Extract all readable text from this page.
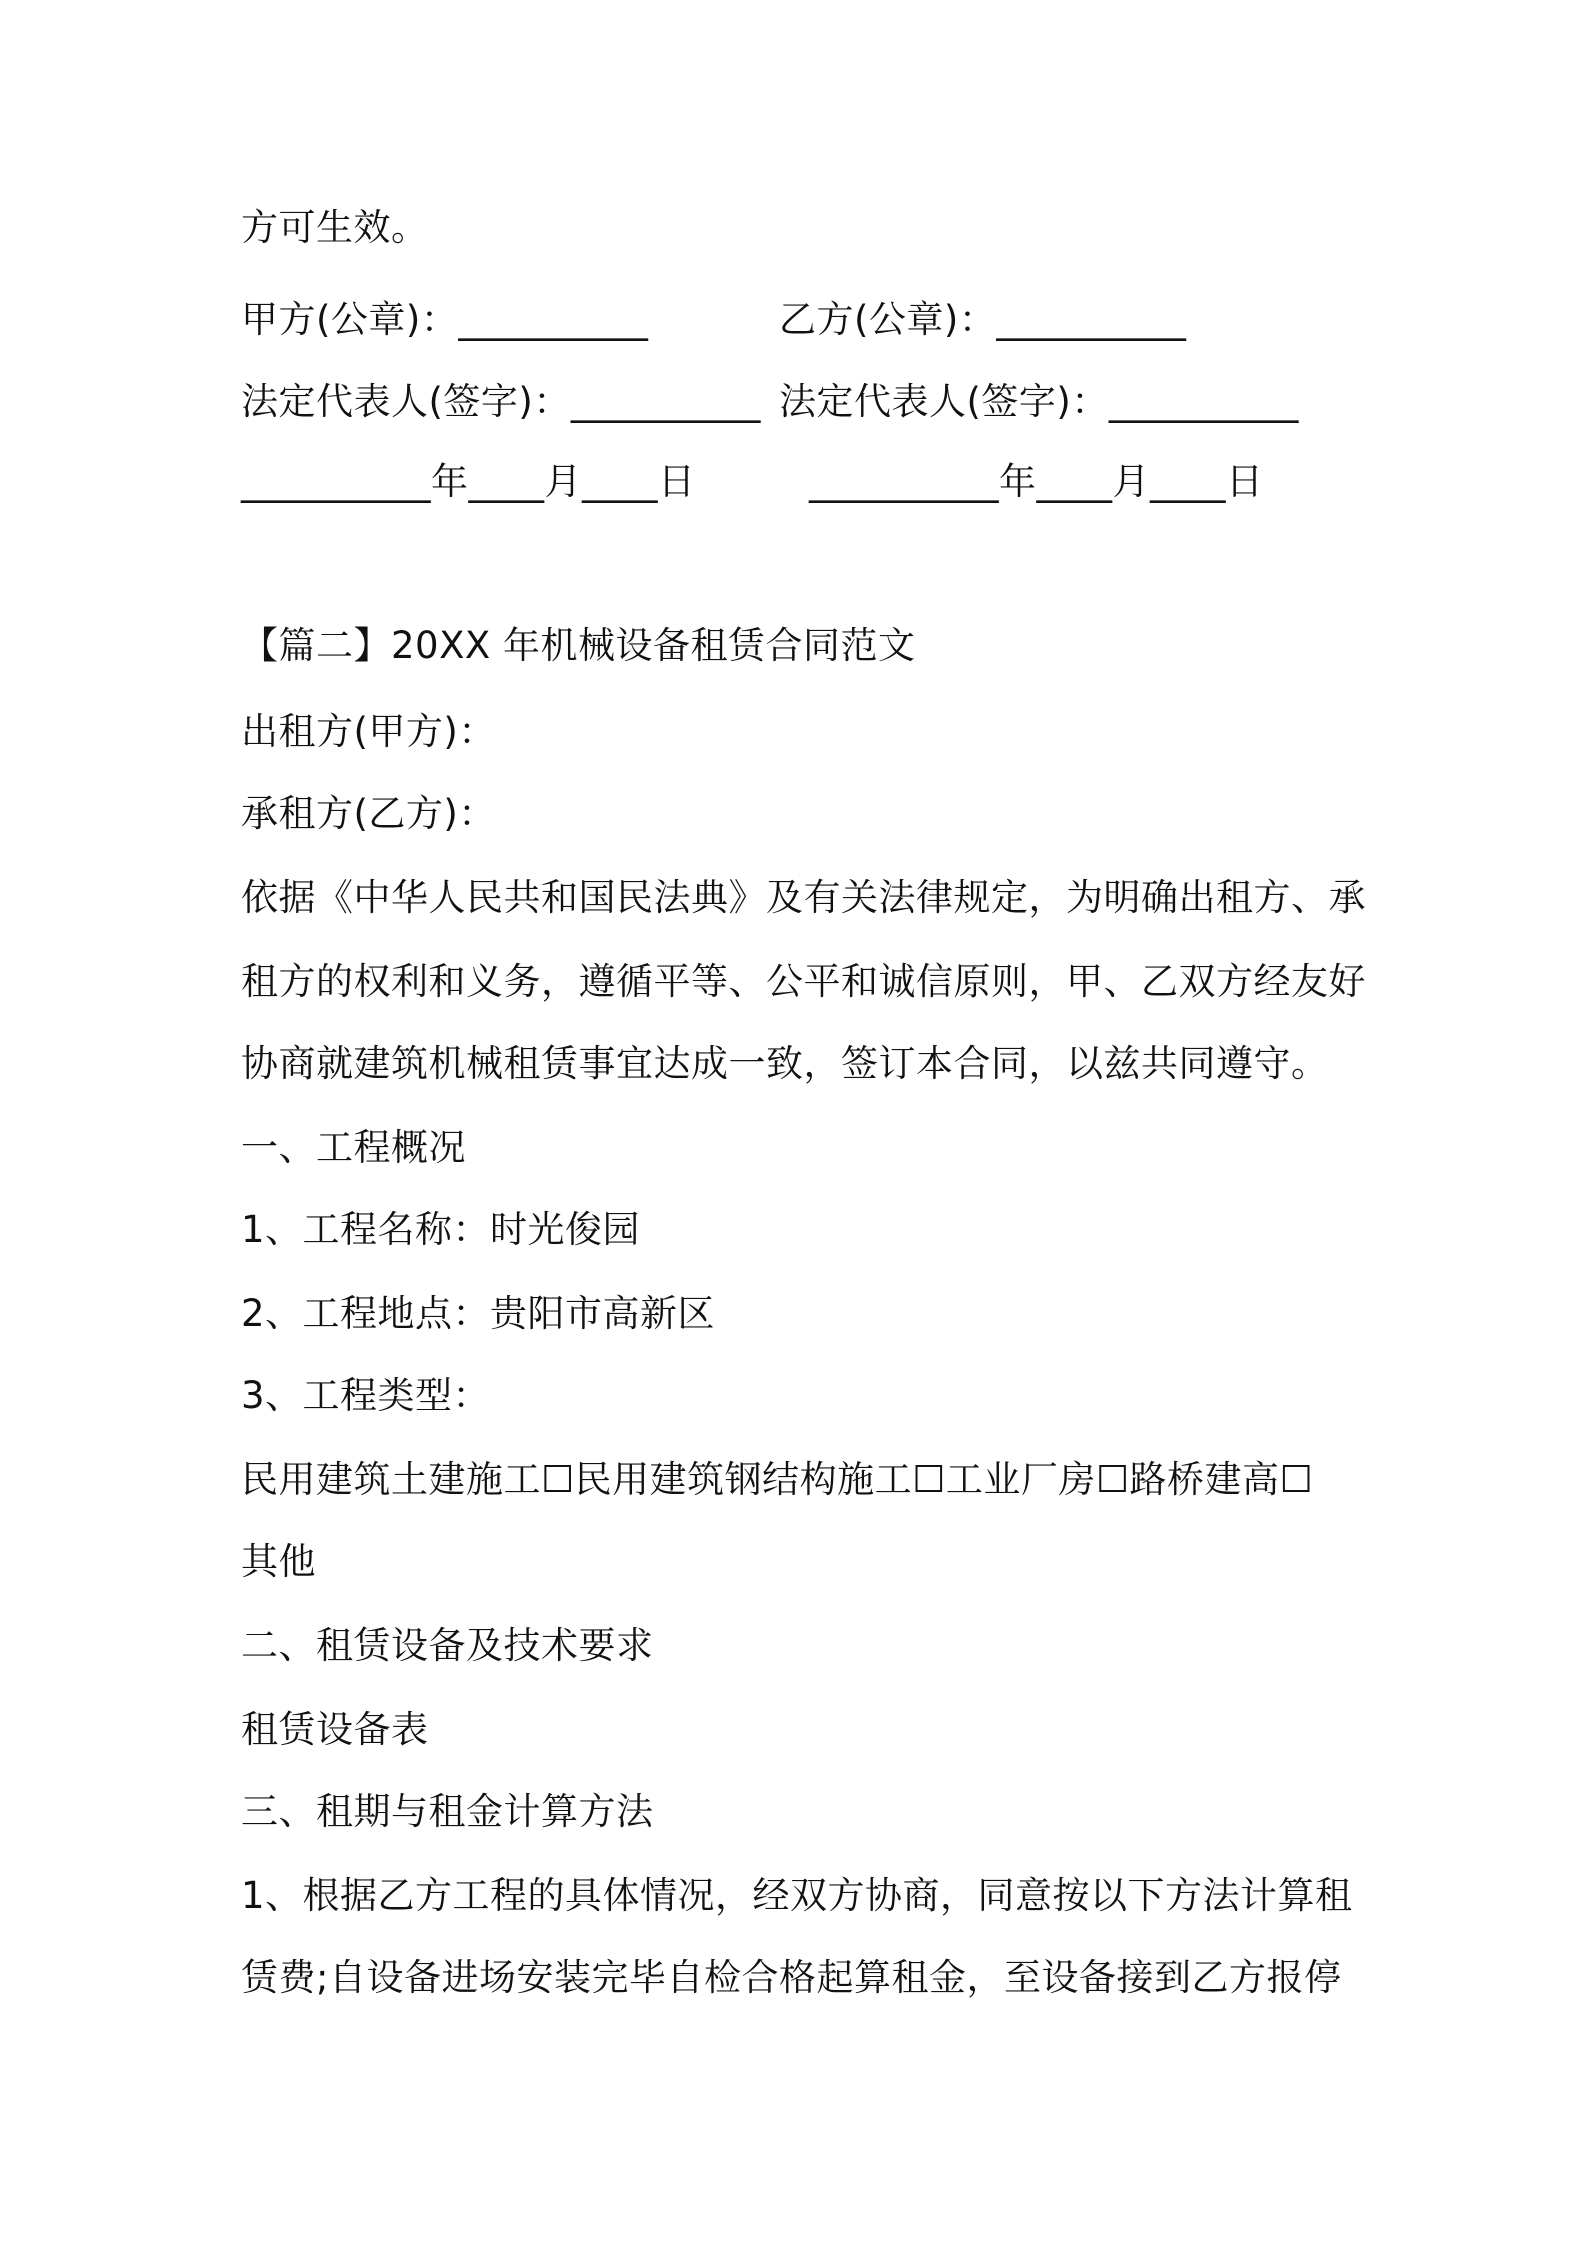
方可生效。
甲方(公章)：__________	乙方(公章)：__________
法定代表人(签字)：__________ 法定代表人(签字)：__________
__________年____月____日	__________年____月____日
【篇二】20XX 年机械设备租赁合同范文
出租方(甲方)：
承租方(乙方)：
依据《中华人民共和国民法典》及有关法律规定，为明确出租方、承
租方的权利和义务，遵循平等、公平和诚信原则，甲、乙双方经友好
协商就建筑机械租赁事宜达成一致，签订本合同，以兹共同遵守。
一、工程概况
1、工程名称：时光俊园
2、工程地点：贵阳市高新区
3、工程类型：
民用建筑土建施工☐民用建筑钢结构施工☐工业厂房☐路桥建高☐
其他
二、租赁设备及技术要求
租赁设备表
三、租期与租金计算方法
1、根据乙方工程的具体情况，经双方协商，同意按以下方法计算租
赁费;自设备进场安装完毕自检合格起算租金，至设备接到乙方报停
